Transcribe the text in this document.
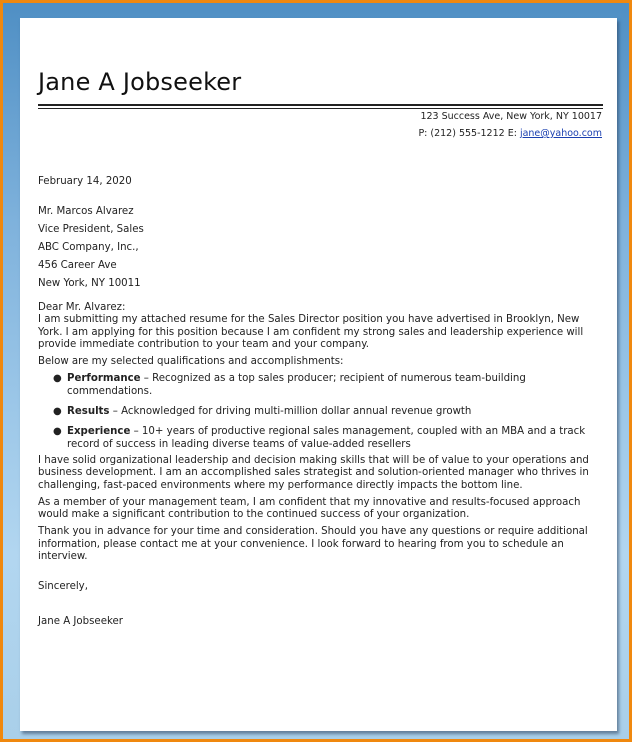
Jane A Jobseeker
123 Success Ave, New York, NY 10017
P: (212) 555-1212 E: jane@yahoo.com
February 14, 2020
Mr. Marcos Alvarez
Vice President, Sales
ABC Company, Inc.,
456 Career Ave
New York, NY 10011

Dear Mr. Alvarez:

I am submitting my attached resume for the Sales Director position you have advertised in Brooklyn, New York. I am applying for this position because I am confident my strong sales and leadership experience will provide immediate contribution to your team and your company.

Below are my selected qualifications and accomplishments:

● Performance – Recognized as a top sales producer; recipient of numerous team-building commendations.
● Results – Acknowledged for driving multi-million dollar annual revenue growth
● Experience – 10+ years of productive regional sales management, coupled with an MBA and a track record of success in leading diverse teams of value-added resellers

I have solid organizational leadership and decision making skills that will be of value to your operations and business development. I am an accomplished sales strategist and solution-oriented manager who thrives in challenging, fast-paced environments where my performance directly impacts the bottom line.

As a member of your management team, I am confident that my innovative and results-focused approach would make a significant contribution to the continued success of your organization.

Thank you in advance for your time and consideration. Should you have any questions or require additional information, please contact me at your convenience. I look forward to hearing from you to schedule an interview.

Sincerely,
Jane A Jobseeker
